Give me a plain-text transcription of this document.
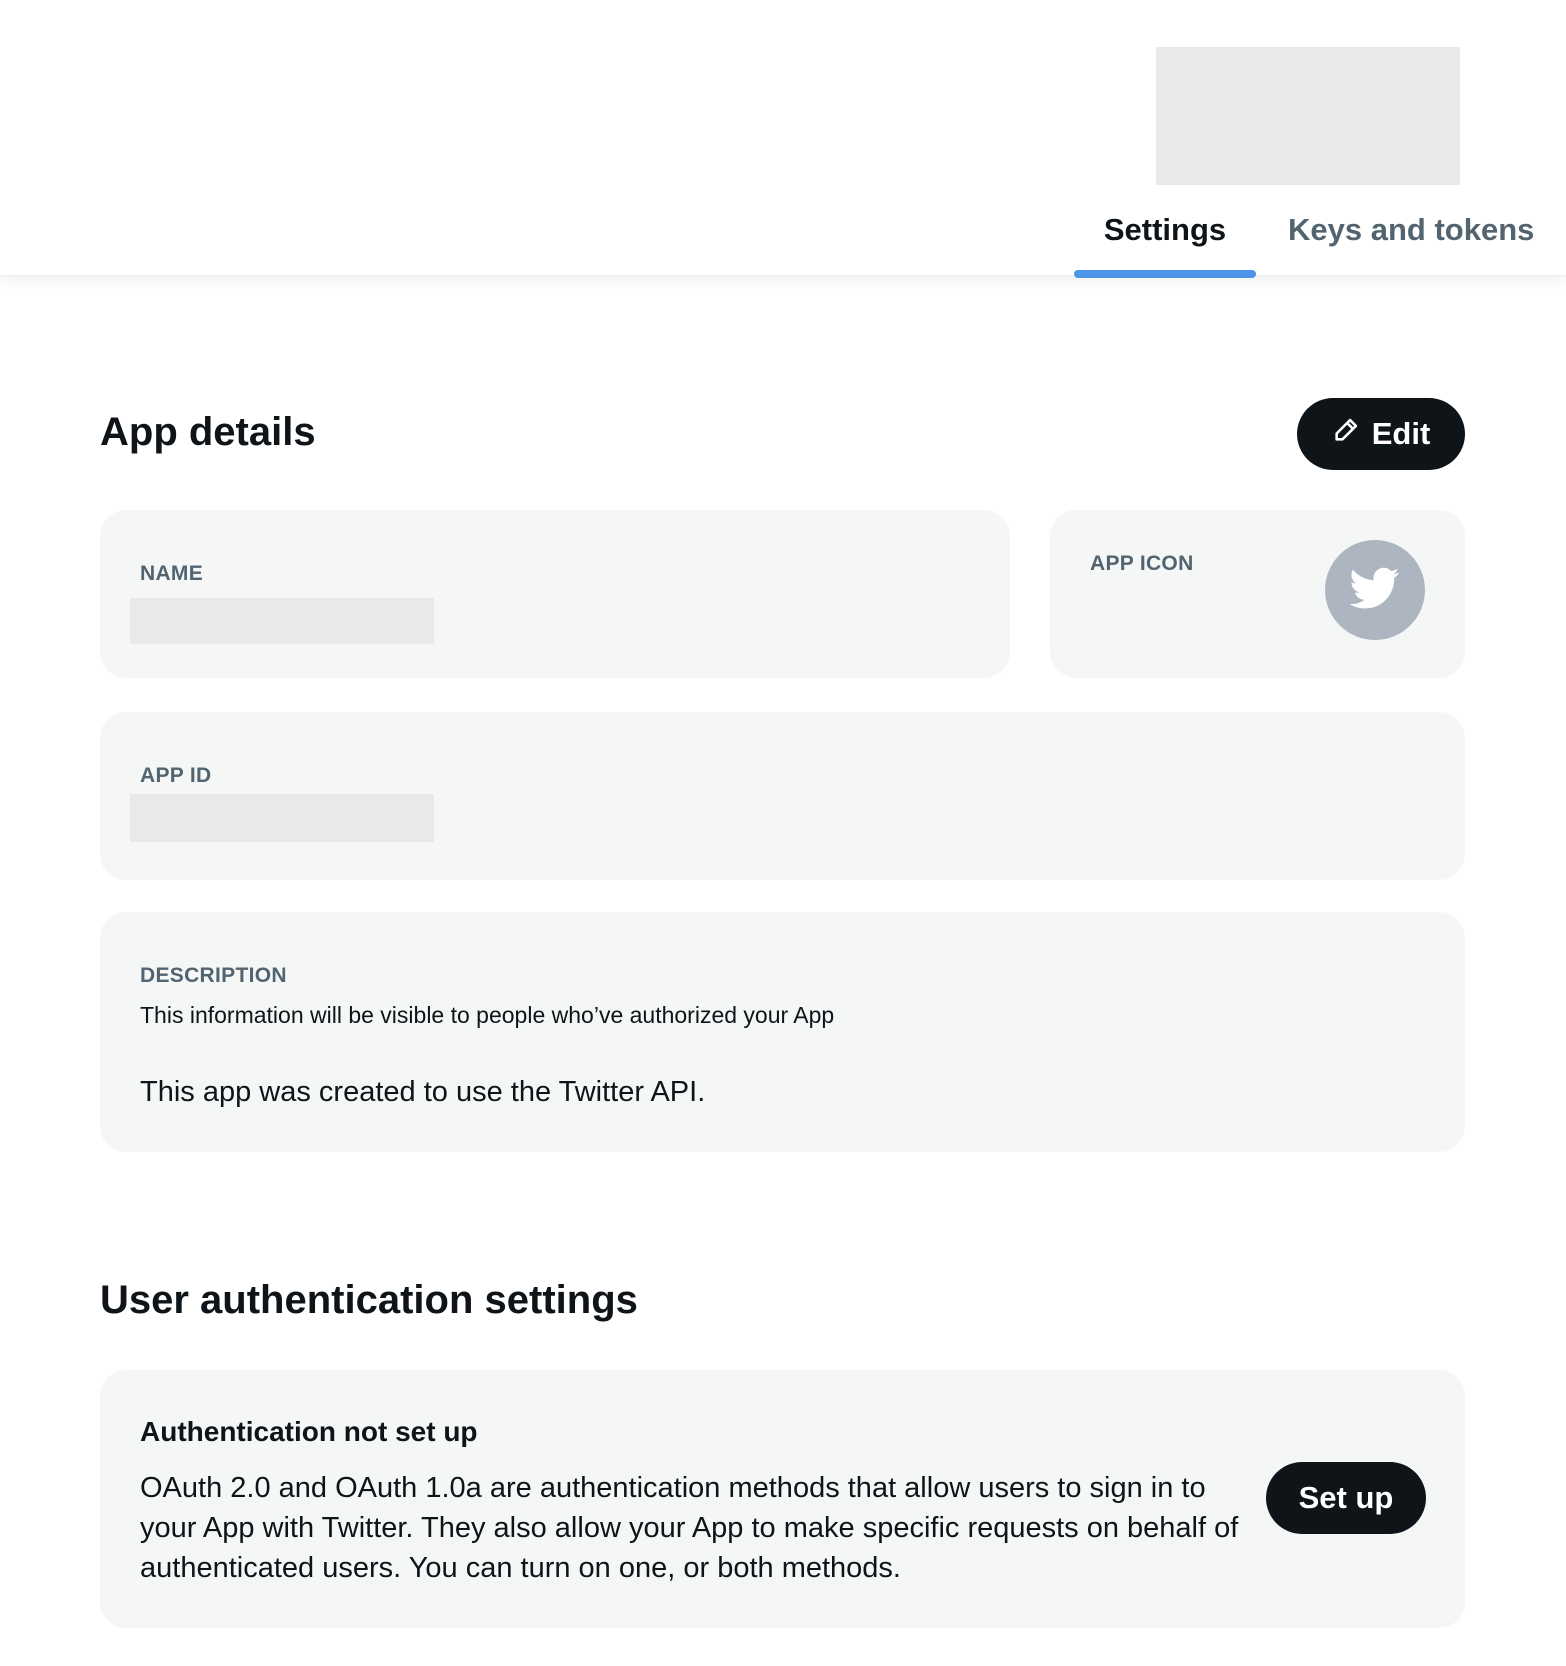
Settings	Keys and tokens
App details	Edit
NAME	APP ICON
APP ID
DESCRIPTION
This information will be visible to people who’ve authorized your App
This app was created to use the Twitter API.
User authentication settings
Authentication not set up
OAuth 2.0 and OAuth 1.0a are authentication methods that allow users to sign in to your App with Twitter. They also allow your App to make specific requests on behalf of authenticated users. You can turn on one, or both methods.
Set up
